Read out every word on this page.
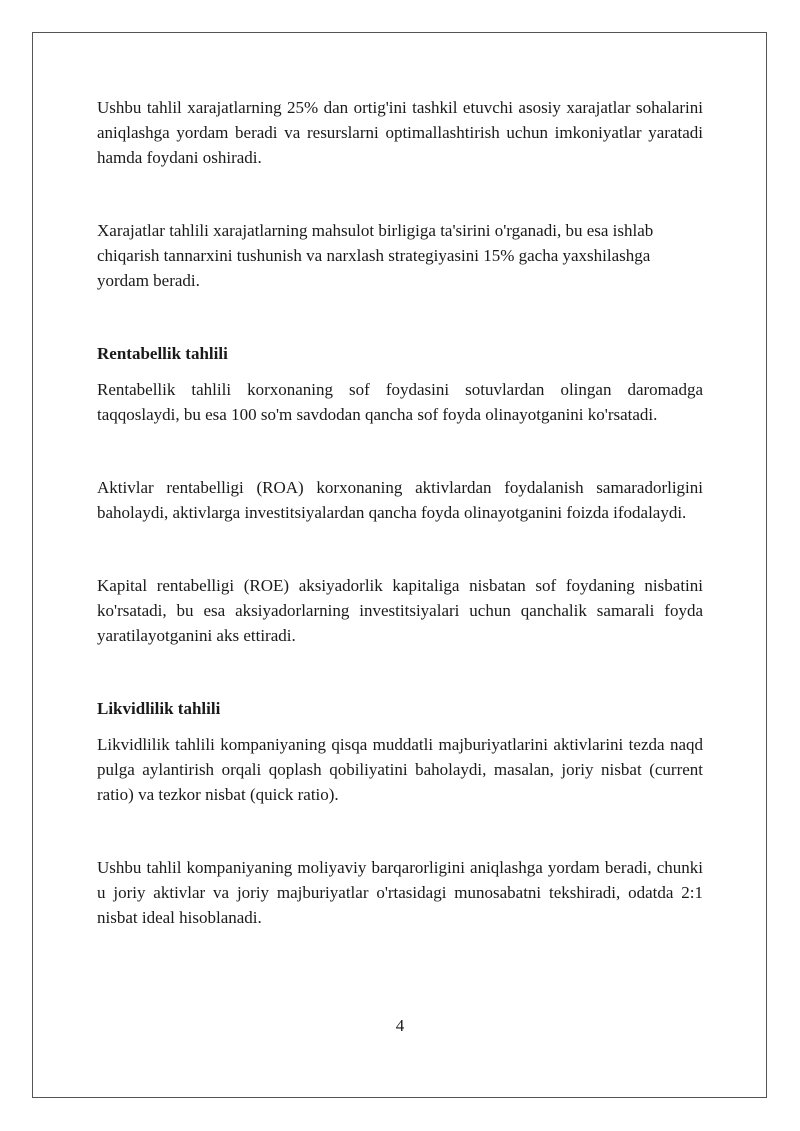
Ushbu tahlil xarajatlarning 25% dan ortig'ini tashkil etuvchi asosiy xarajatlar sohalarini aniqlashga yordam beradi va resurslarni optimallashtirish uchun imkoniyatlar yaratadi hamda foydani oshiradi.

Xarajatlar tahlili xarajatlarning mahsulot birligiga ta'sirini o'rganadi, bu esa ishlab chiqarish tannarxini tushunish va narxlash strategiyasini 15% gacha yaxshilashga yordam beradi.

Rentabellik tahlili

Rentabellik tahlili korxonaning sof foydasini sotuvlardan olingan daromadga taqqoslaydi, bu esa 100 so'm savdodan qancha sof foyda olinayotganini ko'rsatadi.

Aktivlar rentabelligi (ROA) korxonaning aktivlardan foydalanish samaradorligini baholaydi, aktivlarga investitsiyalardan qancha foyda olinayotganini foizda ifodalaydi.

Kapital rentabelligi (ROE) aksiyadorlik kapitaliga nisbatan sof foydaning nisbatini ko'rsatadi, bu esa aksiyadorlarning investitsiyalari uchun qanchalik samarali foyda yaratilayotganini aks ettiradi.

Likvidlilik tahlili

Likvidlilik tahlili kompaniyaning qisqa muddatli majburiyatlarini aktivlarini tezda naqd pulga aylantirish orqali qoplash qobiliyatini baholaydi, masalan, joriy nisbat (current ratio) va tezkor nisbat (quick ratio).

Ushbu tahlil kompaniyaning moliyaviy barqarorligini aniqlashga yordam beradi, chunki u joriy aktivlar va joriy majburiyatlar o'rtasidagi munosabatni tekshiradi, odatda 2:1 nisbat ideal hisoblanadi.

4
